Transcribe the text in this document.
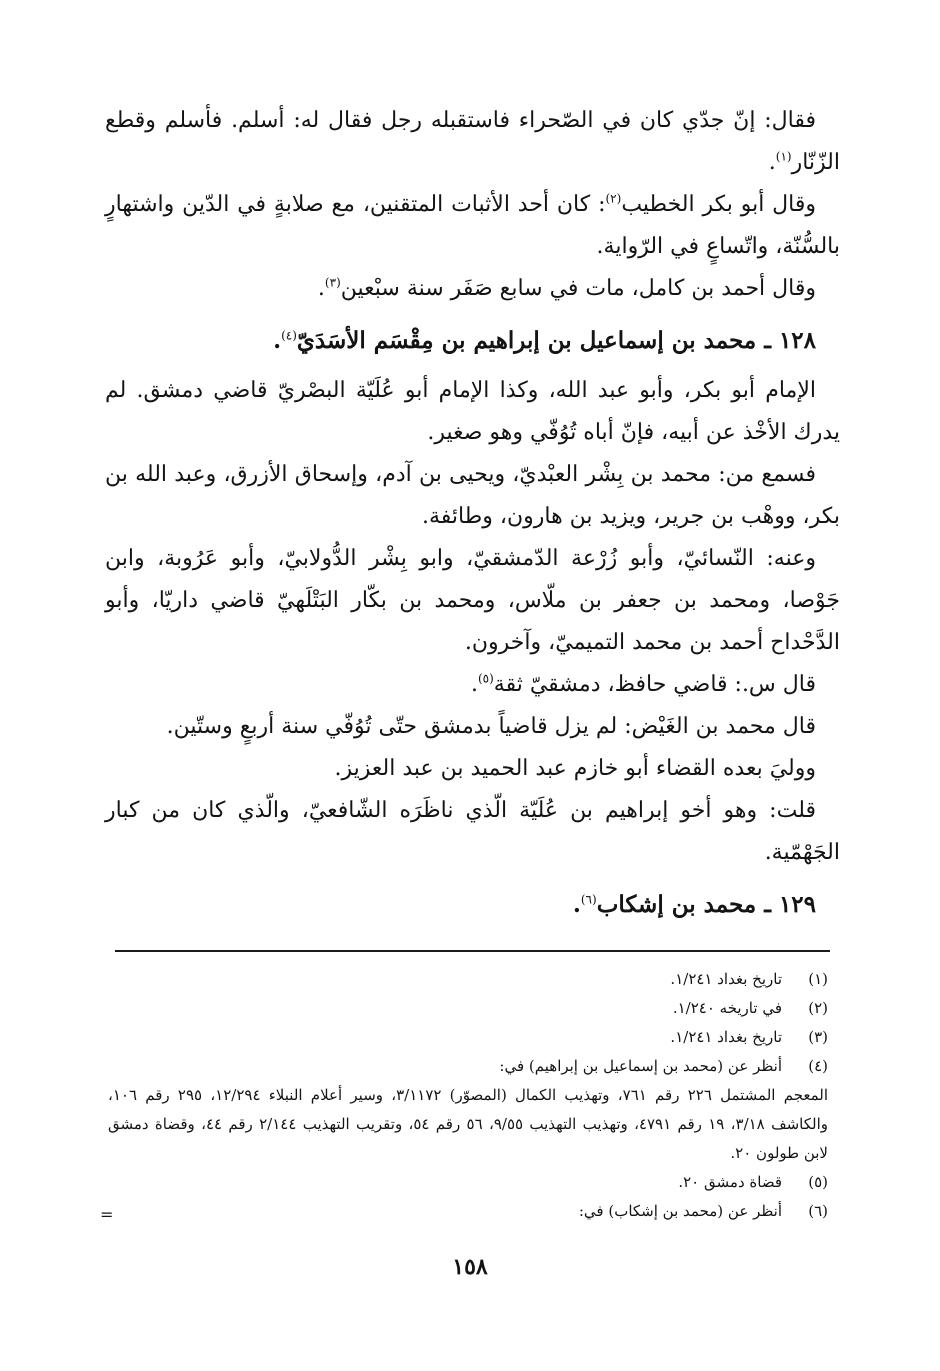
فقال: إنّ جدّي كان في الصّحراء فاستقبله رجل فقال له: أسلم. فأسلم وقطع الزّنّار$^{(١)}$.

وقال أبو بكر الخطيب$^{(٢)}$: كان أحد الأثبات المتقنين، مع صلابةٍ في الدّين واشتهارٍ بالسُّنّة، واتّساعٍ في الرّواية.

وقال أحمد بن كامل، مات في سابع صَفَر سنة سبْعين$^{(٣)}$.

١٢٨ ـ محمد بن إسماعيل بن إبراهيم بن مِقْسَم الأسَدَيّ$^{(٤)}$.

الإمام أبو بكر، وأبو عبد الله، وكذا الإمام أبو عُلَيّة البصْريّ قاضي دمشق. لم يدرك الأخْذ عن أبيه، فإنّ أباه تُوُفّي وهو صغير.

فسمع من: محمد بن بِشْر العبْديّ، ويحيى بن آدم، وإسحاق الأزرق، وعبد الله بن بكر، ووهْب بن جرير، ويزيد بن هارون، وطائفة.

وعنه: النّسائيّ، وأبو زُرْعة الدّمشقيّ، وابو بِشْر الدُّولابيّ، وأبو عَرُوبة، وابن جَوْصا، ومحمد بن جعفر بن ملّاس، ومحمد بن بكّار البَتْلَهيّ قاضي داريّا، وأبو الدَّحْداح أحمد بن محمد التميميّ، وآخرون.

قال س.: قاضي حافظ، دمشقيّ ثقة$^{(٥)}$.

قال محمد بن الغَيْض: لم يزل قاضياً بدمشق حتّى تُوُفّي سنة أربعٍ وستّين.

ووليَ بعده القضاء أبو خازم عبد الحميد بن عبد العزيز.

قلت: وهو أخو إبراهيم بن عُلَيّة الّذي ناظَرَه الشّافعيّ، والّذي كان من كبار الجَهْمّية.

١٢٩ ـ محمد بن إشكاب$^{(٦)}$.

(١)
تاريخ بغداد ١/٢٤١.
(٢)
في تاريخه ١/٢٤٠.
(٣)
تاريخ بغداد ١/٢٤١.
(٤)
أنظر عن (محمد بن إسماعيل بن إبراهيم) في:
المعجم المشتمل ٢٢٦ رقم ٧٦١، وتهذيب الكمال (المصوّر) ٣/١١٧٢، وسير أعلام النبلاء ١٢/٢٩٤، ٢٩٥ رقم ١٠٦، والكاشف ٣/١٨، ١٩ رقم ٤٧٩١، وتهذيب التهذيب ٩/٥٥، ٥٦ رقم ٥٤، وتقريب التهذيب ٢/١٤٤ رقم ٤٤، وقضاة دمشق لابن طولون ٢٠.
(٥)
قضاة دمشق ٢٠.
(٦)
أنظر عن (محمد بن إشكاب) في:
=
١٥٨
